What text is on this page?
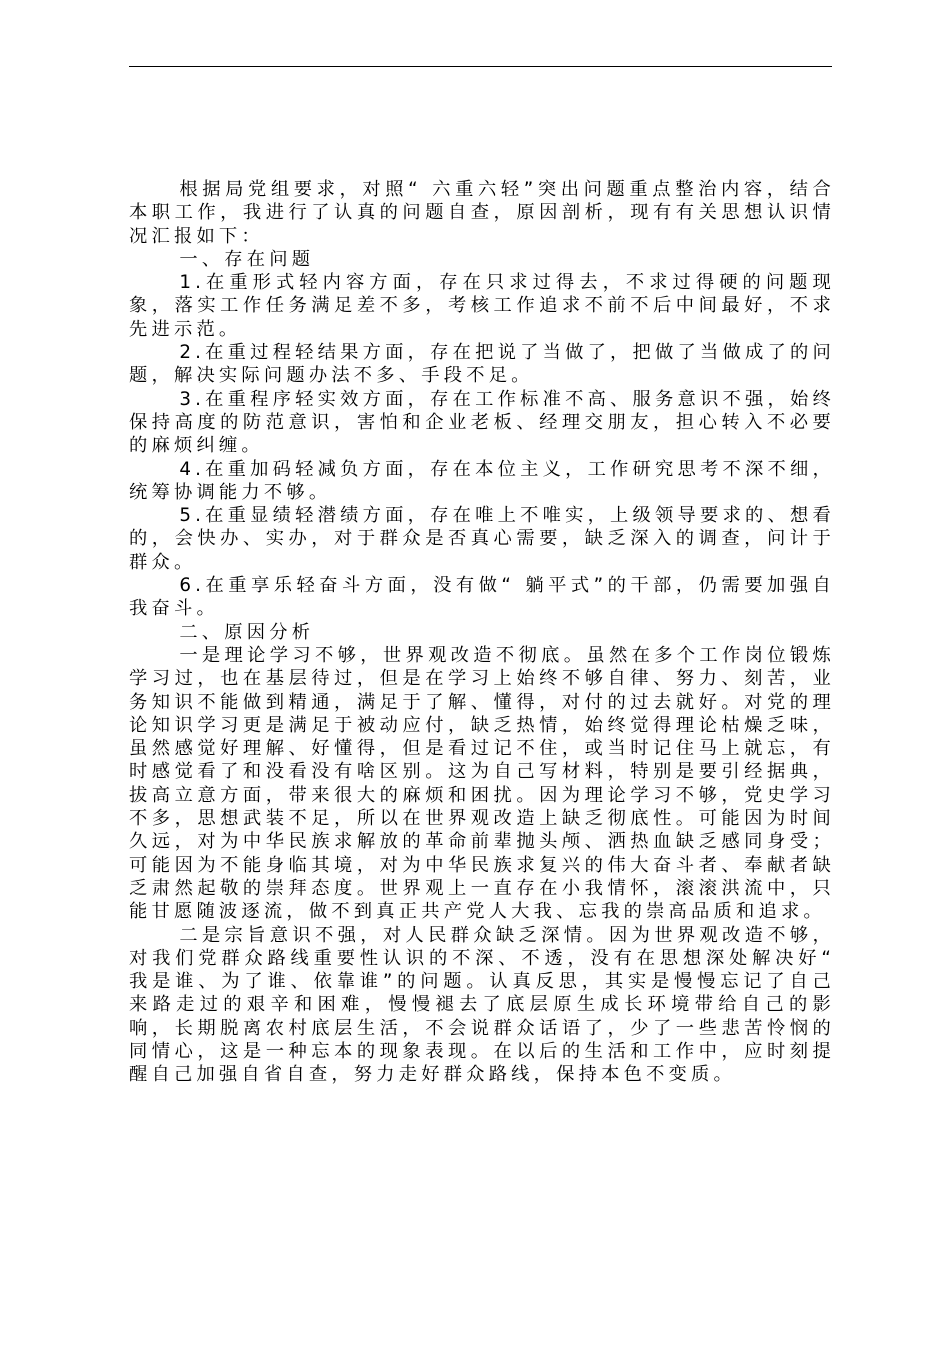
根据局党组要求，对照“ 六重六轻”突出问题重点整治内容，结合本职工作，我进行了认真的问题自查，原因剖析，现有有关思想认识情况汇报如下：

一、存在问题

1.在重形式轻内容方面，存在只求过得去，不求过得硬的问题现象，落实工作任务满足差不多，考核工作追求不前不后中间最好，不求先进示范。

2.在重过程轻结果方面，存在把说了当做了，把做了当做成了的问题，解决实际问题办法不多、手段不足。

3.在重程序轻实效方面，存在工作标准不高、服务意识不强，始终保持高度的防范意识，害怕和企业老板、经理交朋友，担心转入不必要的麻烦纠缠。

4.在重加码轻减负方面，存在本位主义，工作研究思考不深不细，统筹协调能力不够。

5.在重显绩轻潜绩方面，存在唯上不唯实，上级领导要求的、想看的，会快办、实办，对于群众是否真心需要，缺乏深入的调查，问计于群众。

6.在重享乐轻奋斗方面，没有做“ 躺平式”的干部，仍需要加强自我奋斗。

二、原因分析

一是理论学习不够，世界观改造不彻底。虽然在多个工作岗位锻炼学习过，也在基层待过，但是在学习上始终不够自律、努力、刻苦，业务知识不能做到精通，满足于了解、懂得，对付的过去就好。对党的理论知识学习更是满足于被动应付，缺乏热情，始终觉得理论枯燥乏味，虽然感觉好理解、好懂得，但是看过记不住，或当时记住马上就忘，有时感觉看了和没看没有啥区别。这为自己写材料，特别是要引经据典，拔高立意方面，带来很大的麻烦和困扰。因为理论学习不够，党史学习不多，思想武装不足，所以在世界观改造上缺乏彻底性。可能因为时间久远，对为中华民族求解放的革命前辈抛头颅、洒热血缺乏感同身受；可能因为不能身临其境，对为中华民族求复兴的伟大奋斗者、奉献者缺乏肃然起敬的崇拜态度。世界观上一直存在小我情怀，滚滚洪流中，只能甘愿随波逐流，做不到真正共产党人大我、忘我的崇高品质和追求。

二是宗旨意识不强，对人民群众缺乏深情。因为世界观改造不够，对我们党群众路线重要性认识的不深、不透，没有在思想深处解决好“ 我是谁、为了谁、依靠谁”的问题。认真反思，其实是慢慢忘记了自己来路走过的艰辛和困难，慢慢褪去了底层原生成长环境带给自己的影响，长期脱离农村底层生活，不会说群众话语了，少了一些悲苦怜悯的同情心，这是一种忘本的现象表现。在以后的生活和工作中，应时刻提醒自己加强自省自查，努力走好群众路线，保持本色不变质。
